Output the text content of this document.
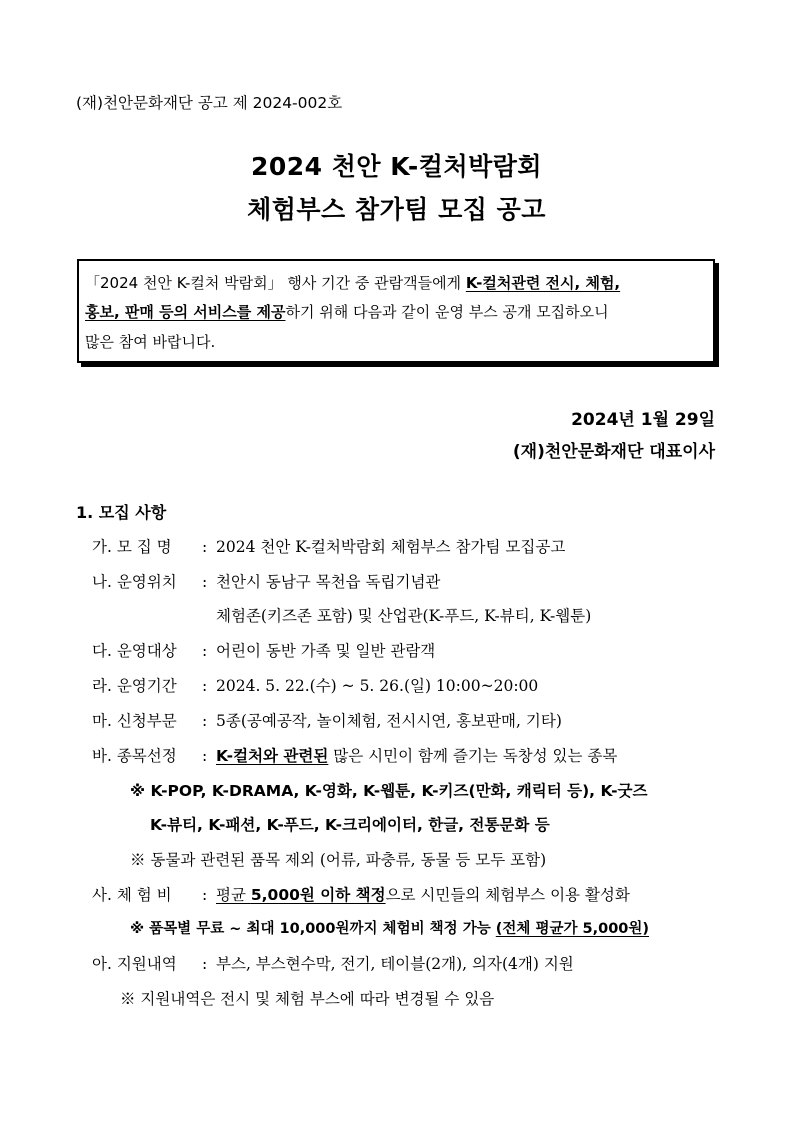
(재)천안문화재단 공고 제 2024-002호
2024 천안 K-컬처박람회
체험부스 참가팀 모집 공고
「2024 천안 K-컬처 박람회」 행사 기간 중 관람객들에게 K-컬처관련 전시, 체험,
홍보, 판매 등의 서비스를 제공하기 위해 다음과 같이 운영 부스 공개 모집하오니
많은 참여 바랍니다.
2024년 1월 29일
(재)천안문화재단 대표이사
1. 모집 사항
가. 모 집 명 : 2024 천안 K-컬처박람회 체험부스 참가팀 모집공고
나. 운영위치 : 천안시 동남구 목천읍 독립기념관
체험존(키즈존 포함) 및 산업관(K-푸드, K-뷰티, K-웹툰)
다. 운영대상 : 어린이 동반 가족 및 일반 관람객
라. 운영기간 : 2024. 5. 22.(수) ~ 5. 26.(일) 10:00~20:00
마. 신청부문 : 5종(공예공작, 놀이체험, 전시시연, 홍보판매, 기타)
바. 종목선정 : K-컬처와 관련된 많은 시민이 함께 즐기는 독창성 있는 종목
※ K-POP, K-DRAMA, K-영화, K-웹툰, K-키즈(만화, 캐릭터 등), K-굿즈
K-뷰티, K-패션, K-푸드, K-크리에이터, 한글, 전통문화 등
※ 동물과 관련된 품목 제외 (어류, 파충류, 동물 등 모두 포함)
사. 체 험 비 : 평균 5,000원 이하 책정으로 시민들의 체험부스 이용 활성화
※ 품목별 무료 ~ 최대 10,000원까지 체험비 책정 가능 (전체 평균가 5,000원)
아. 지원내역 : 부스, 부스현수막, 전기, 테이블(2개), 의자(4개) 지원
※ 지원내역은 전시 및 체험 부스에 따라 변경될 수 있음
